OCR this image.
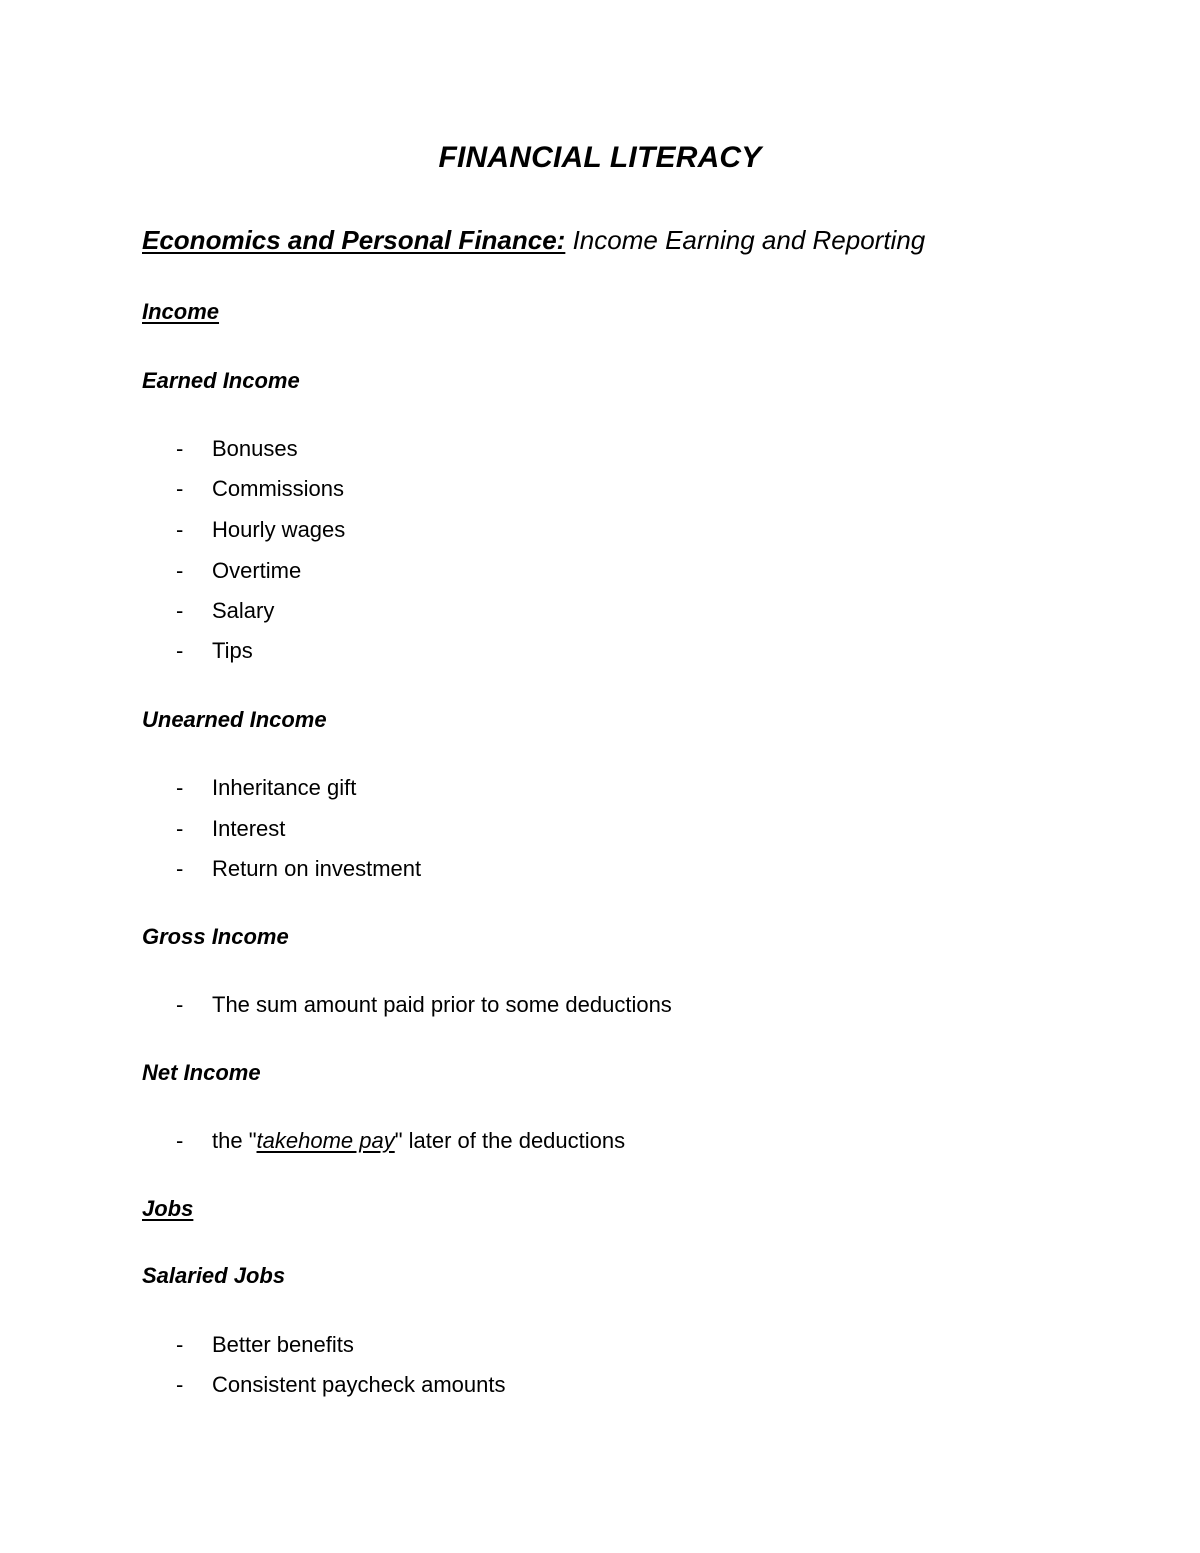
FINANCIAL LITERACY
Economics and Personal Finance: Income Earning and Reporting
Income
Earned Income
- Bonuses
- Commissions
- Hourly wages
- Overtime
- Salary
- Tips
Unearned Income
- Inheritance gift
- Interest
- Return on investment
Gross Income
- The sum amount paid prior to some deductions
Net Income
- the "takehome pay" later of the deductions
Jobs
Salaried Jobs
- Better benefits
- Consistent paycheck amounts
